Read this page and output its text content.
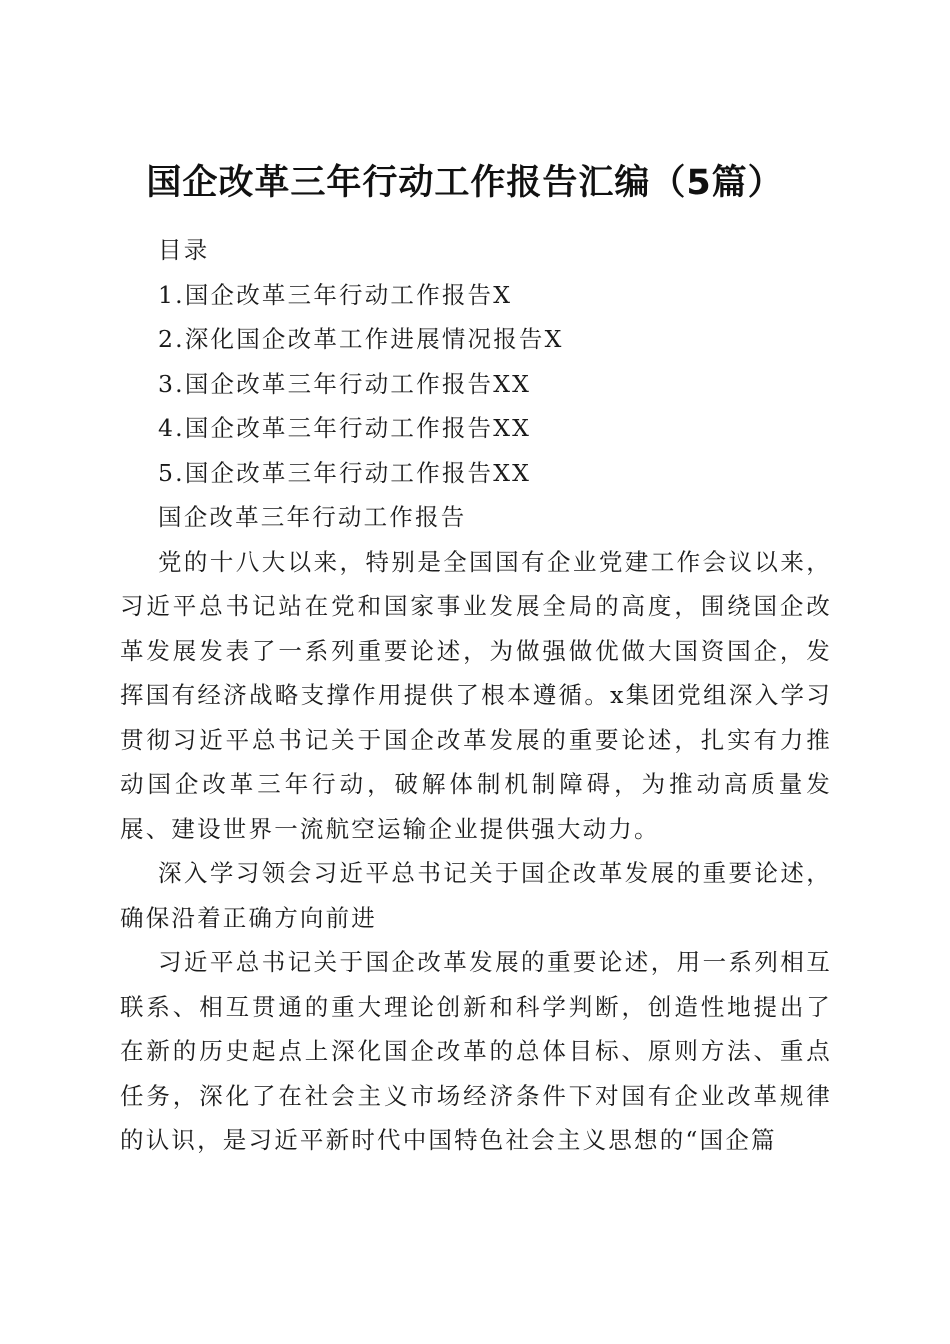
国企改革三年行动工作报告汇编（5篇）

目录

1.国企改革三年行动工作报告X

2.深化国企改革工作进展情况报告X

3.国企改革三年行动工作报告XX

4.国企改革三年行动工作报告XX

5.国企改革三年行动工作报告XX

国企改革三年行动工作报告

党的十八大以来，特别是全国国有企业党建工作会议以来，习近平总书记站在党和国家事业发展全局的高度，围绕国企改革发展发表了一系列重要论述，为做强做优做大国资国企，发挥国有经济战略支撑作用提供了根本遵循。x集团党组深入学习贯彻习近平总书记关于国企改革发展的重要论述，扎实有力推动国企改革三年行动，破解体制机制障碍，为推动高质量发展、建设世界一流航空运输企业提供强大动力。

深入学习领会习近平总书记关于国企改革发展的重要论述，确保沿着正确方向前进

习近平总书记关于国企改革发展的重要论述，用一系列相互联系、相互贯通的重大理论创新和科学判断，创造性地提出了在新的历史起点上深化国企改革的总体目标、原则方法、重点任务，深化了在社会主义市场经济条件下对国有企业改革规律的认识，是习近平新时代中国特色社会主义思想的“国企篇
